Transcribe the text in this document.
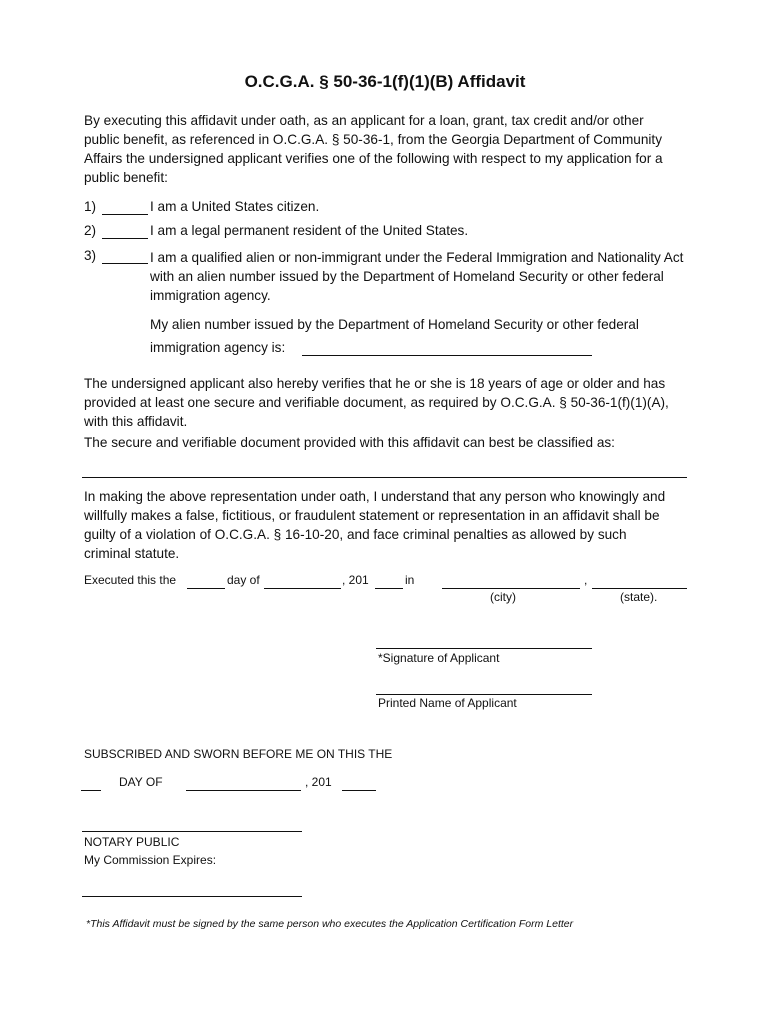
O.C.G.A. § 50-36-1(f)(1)(B) Affidavit
By executing this affidavit under oath, as an applicant for a loan, grant, tax credit and/or other
public benefit, as referenced in O.C.G.A. § 50-36-1, from the Georgia Department of Community
Affairs the undersigned applicant verifies one of the following with respect to my application for a
public benefit:
1)	I am a United States citizen.
2)	I am a legal permanent resident of the United States.
3)	I am a qualified alien or non-immigrant under the Federal Immigration and Nationality Act
with an alien number issued by the Department of Homeland Security or other federal
immigration agency.
My alien number issued by the Department of Homeland Security or other federal
immigration agency is:
The undersigned applicant also hereby verifies that he or she is 18 years of age or older and has
provided at least one secure and verifiable document, as required by O.C.G.A. § 50-36-1(f)(1)(A),
with this affidavit.
The secure and verifiable document provided with this affidavit can best be classified as:
In making the above representation under oath, I understand that any person who knowingly and
willfully makes a false, fictitious, or fraudulent statement or representation in an affidavit shall be
guilty of a violation of O.C.G.A. § 16-10-20, and face criminal penalties as allowed by such
criminal statute.
Executed this the	day of	, 201	in	,
(city)	(state).
*Signature of Applicant
Printed Name of Applicant
SUBSCRIBED AND SWORN BEFORE ME ON THIS THE
DAY OF	, 201
NOTARY PUBLIC
My Commission Expires:
*This Affidavit must be signed by the same person who executes the Application Certification Form Letter
